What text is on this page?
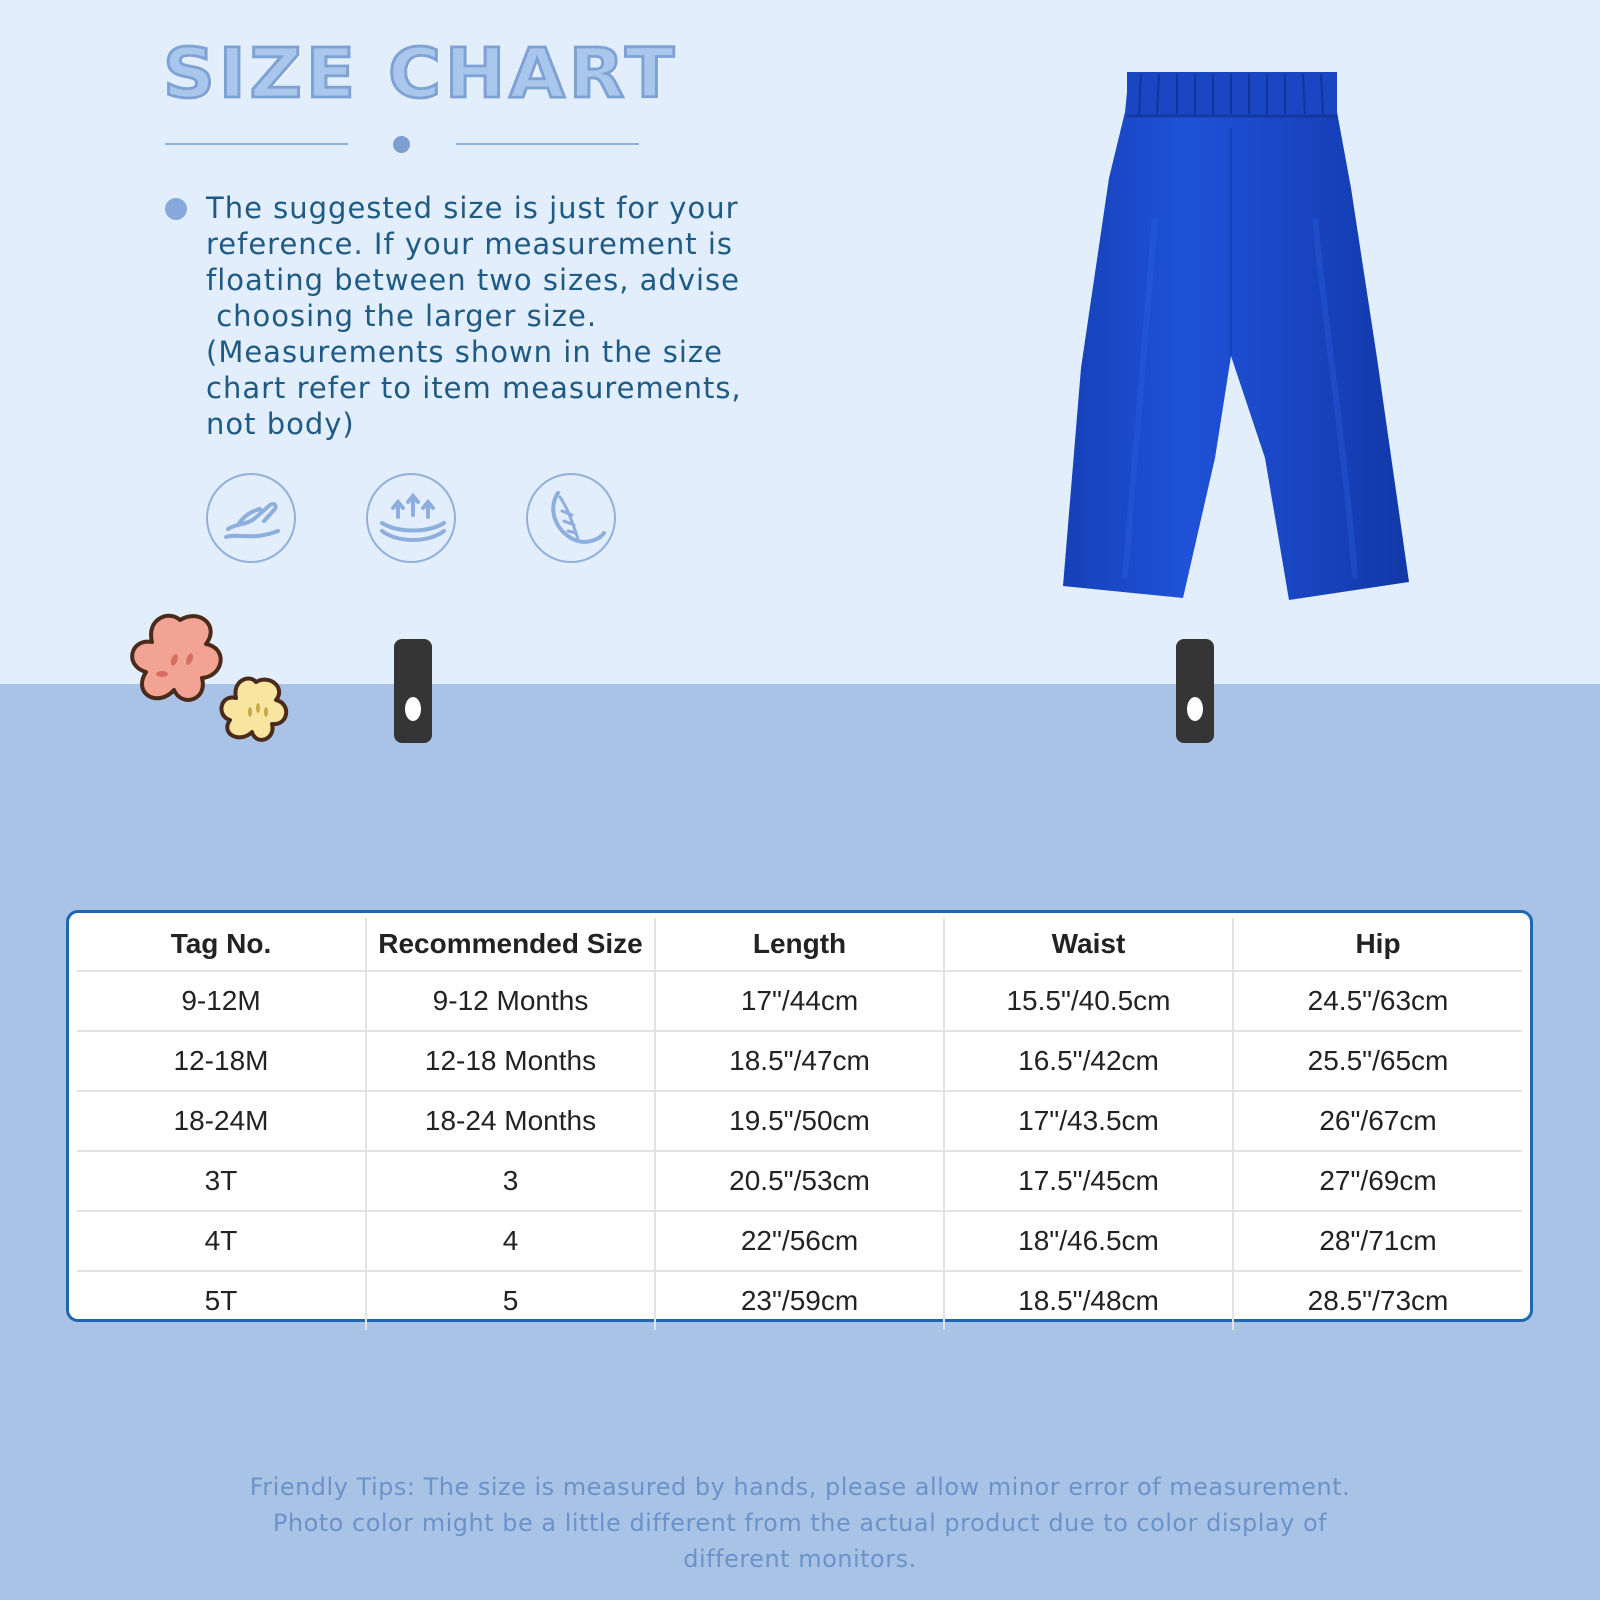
SIZE CHART
The suggested size is just for your
reference. If your measurement is
floating between two sizes, advise
choosing the larger size.
(Measurements shown in the size
chart refer to item measurements,
not body)
Tag No.	Recommended Size	Length	Waist	Hip
9-12M	9-12 Months	17"/44cm	15.5"/40.5cm	24.5"/63cm
12-18M	12-18 Months	18.5"/47cm	16.5"/42cm	25.5"/65cm
18-24M	18-24 Months	19.5"/50cm	17"/43.5cm	26"/67cm
3T	3	20.5"/53cm	17.5"/45cm	27"/69cm
4T	4	22"/56cm	18"/46.5cm	28"/71cm
5T	5	23"/59cm	18.5"/48cm	28.5"/73cm
Friendly Tips: The size is measured by hands, please allow minor error of measurement.
Photo color might be a little different from the actual product due to color display of
different monitors.
